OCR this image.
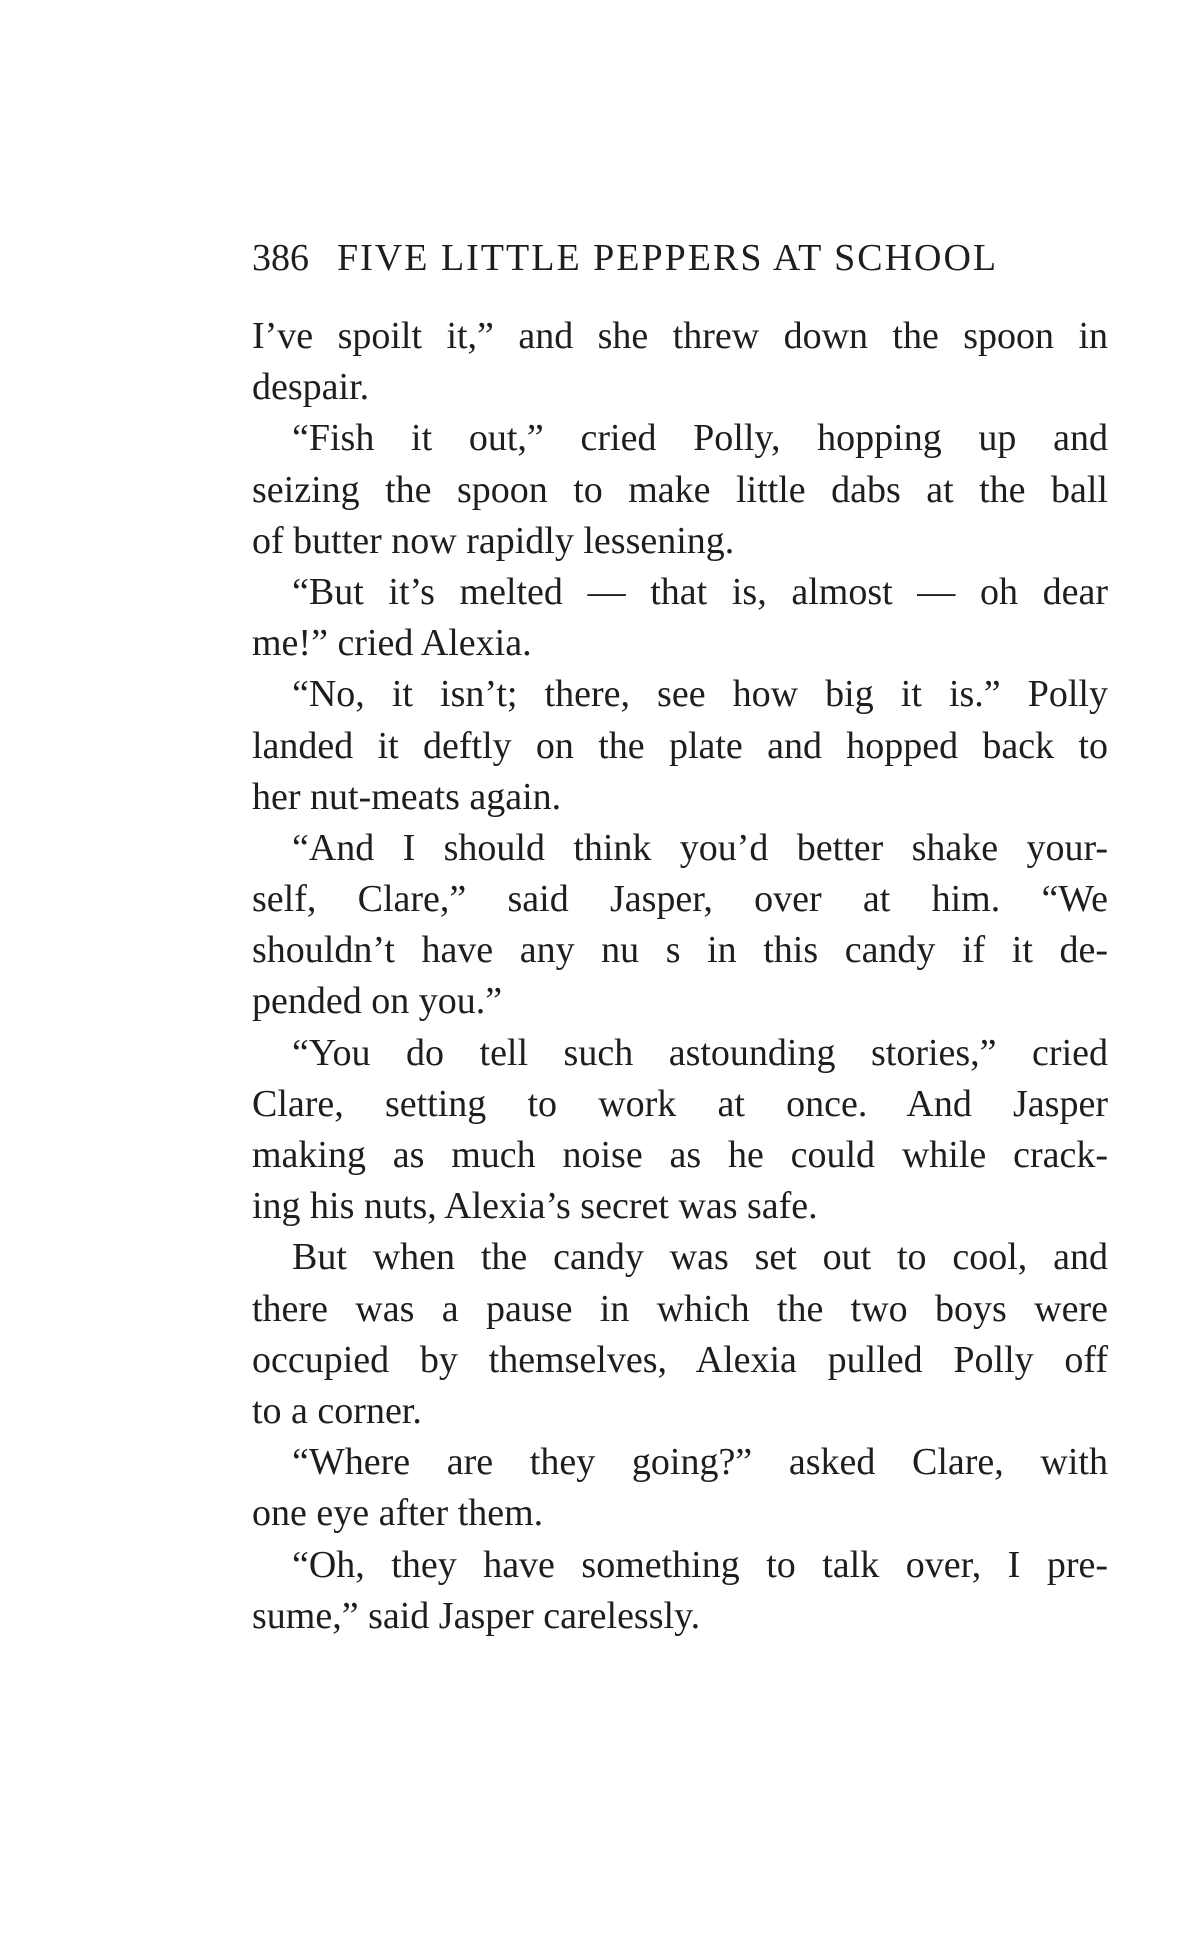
386 FIVE LITTLE PEPPERS AT SCHOOL
I’ve spoilt it,” and she threw down the spoon in
despair.
“Fish it out,” cried Polly, hopping up and
seizing the spoon to make little dabs at the ball
of butter now rapidly lessening.
“But it’s melted — that is, almost — oh dear
me!” cried Alexia.
“No, it isn’t; there, see how big it is.” Polly
landed it deftly on the plate and hopped back to
her nut-meats again.
“And I should think you’d better shake your-
self, Clare,” said Jasper, over at him. “We
shouldn’t have any nu s in this candy if it de-
pended on you.”
“You do tell such astounding stories,” cried
Clare, setting to work at once. And Jasper
making as much noise as he could while crack-
ing his nuts, Alexia’s secret was safe.
But when the candy was set out to cool, and
there was a pause in which the two boys were
occupied by themselves, Alexia pulled Polly off
to a corner.
“Where are they going?” asked Clare, with
one eye after them.
“Oh, they have something to talk over, I pre-
sume,” said Jasper carelessly.
